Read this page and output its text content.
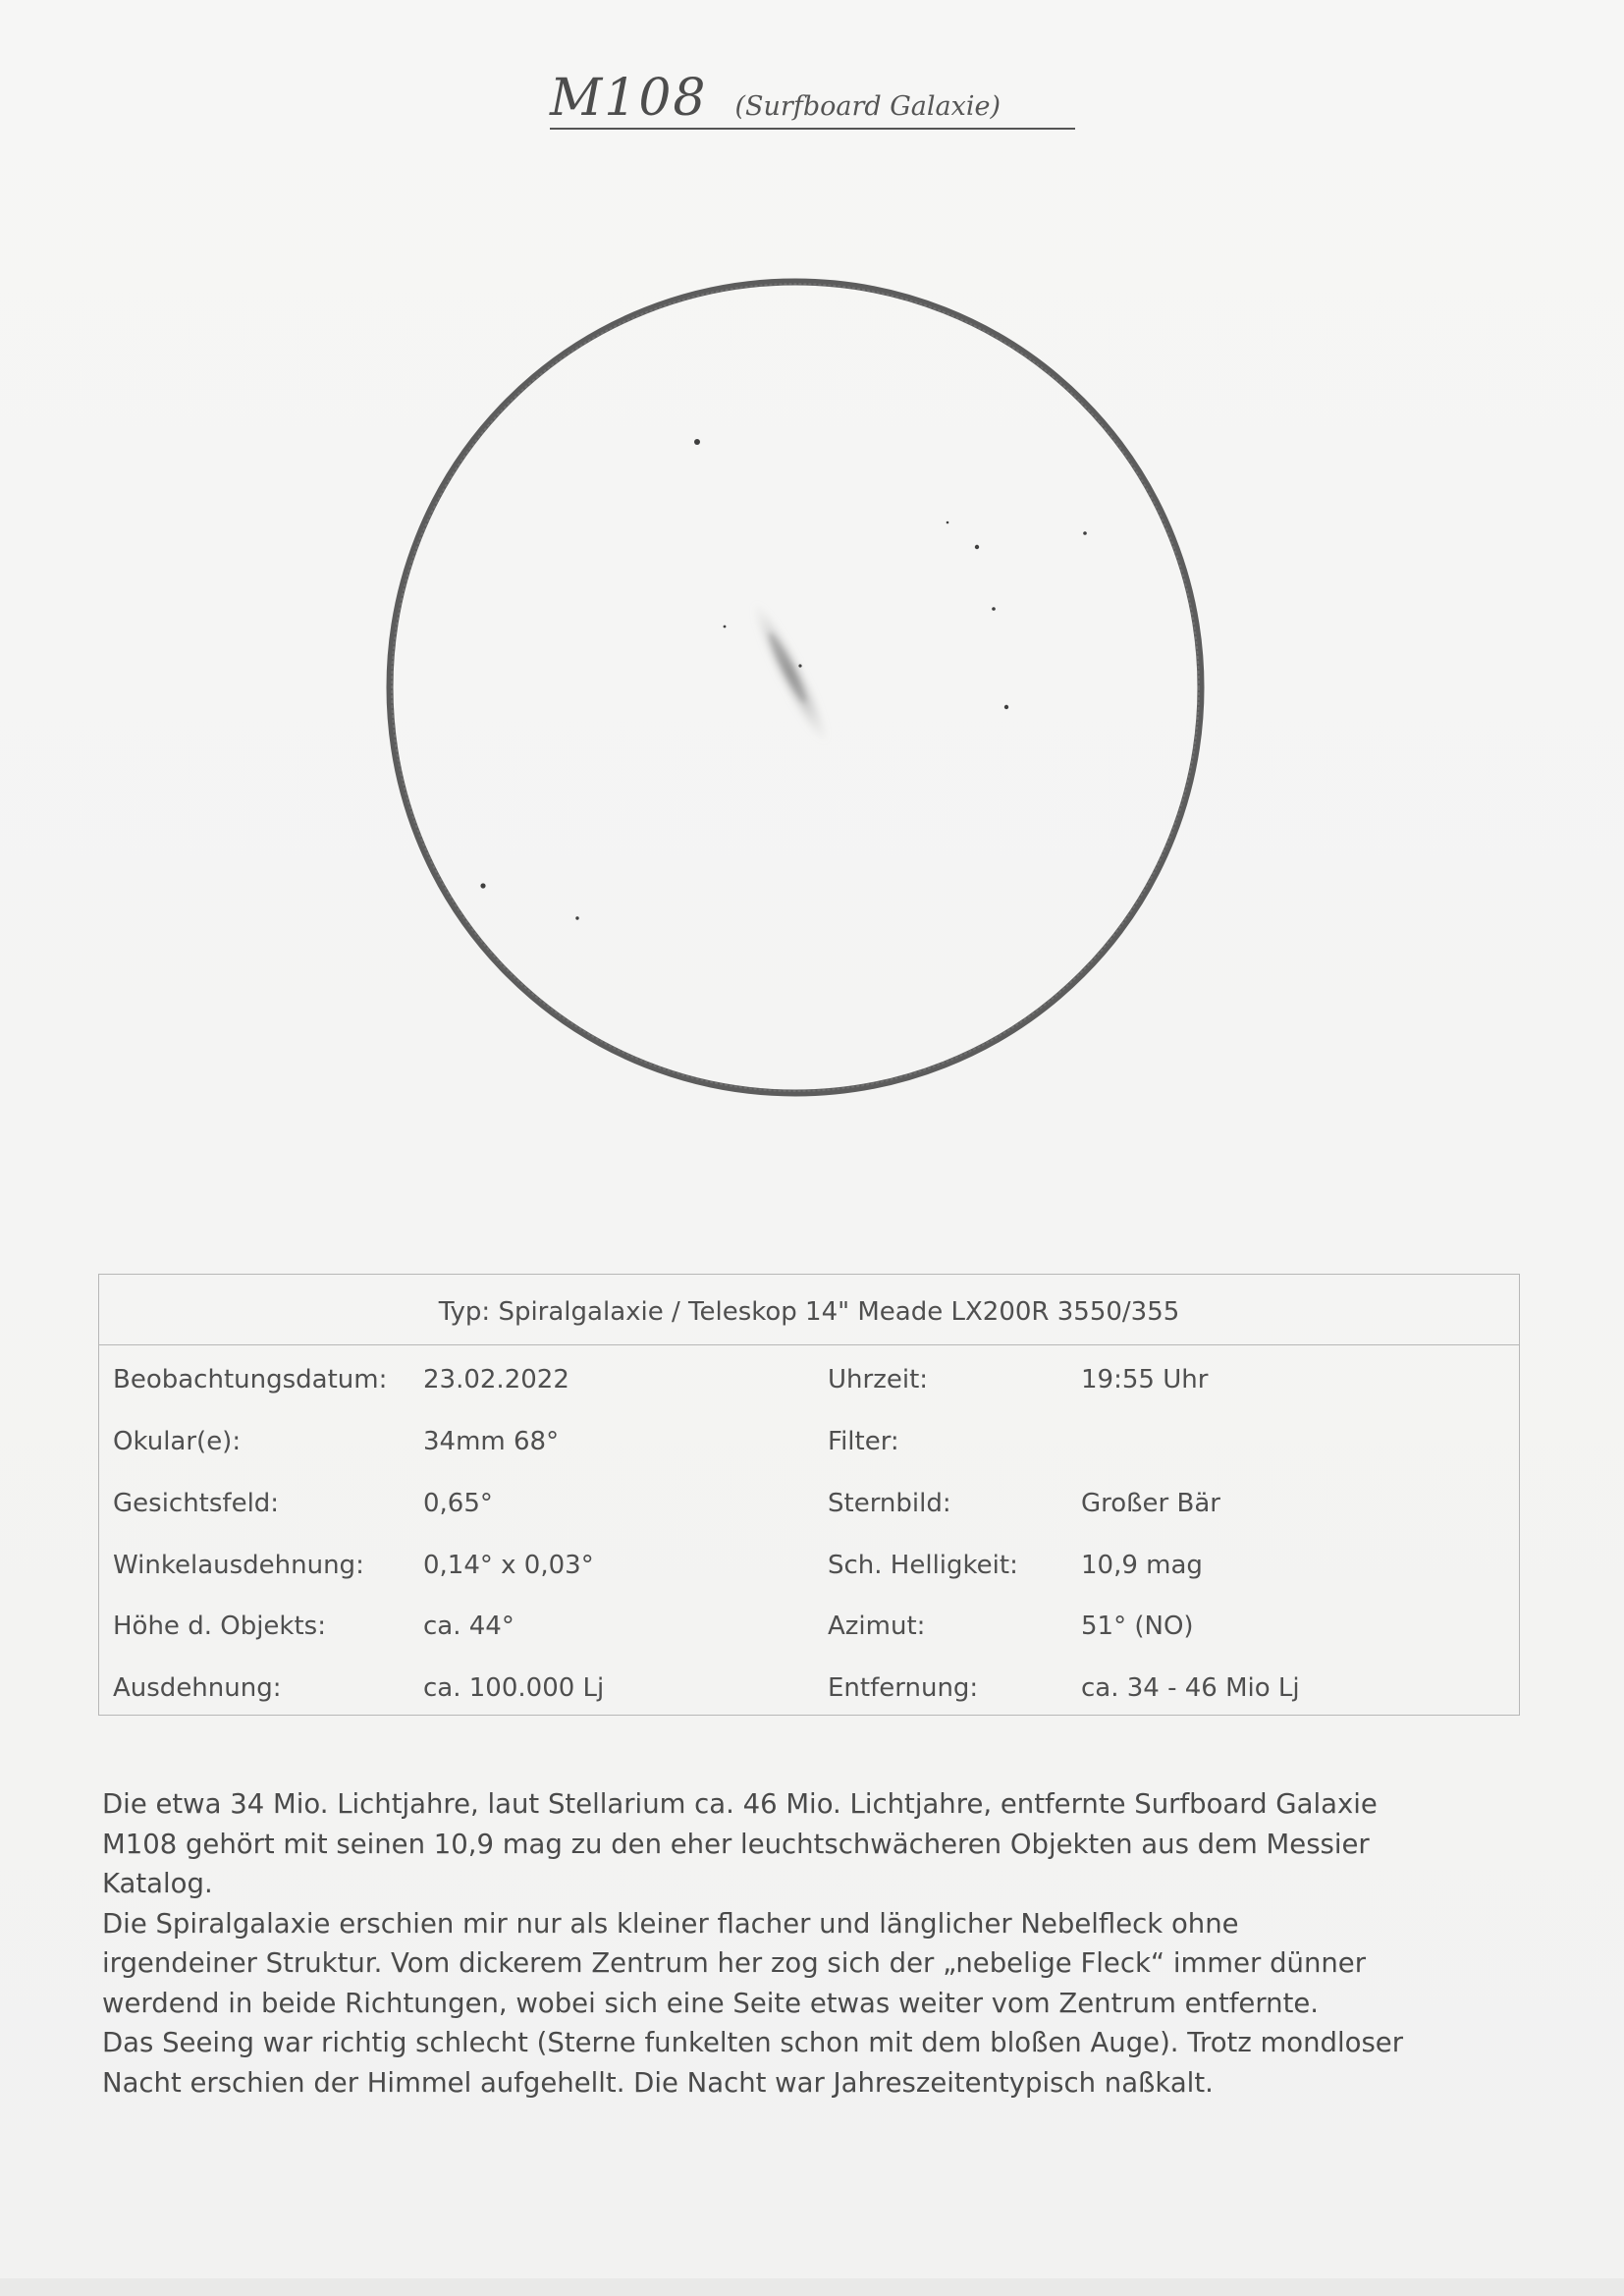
M108 (Surfboard Galaxie)
Typ: Spiralgalaxie / Teleskop 14" Meade LX200R 3550/355
Beobachtungsdatum: 23.02.2022	Uhrzeit:	19:55 Uhr
Okular(e):	34mm 68°	Filter:
Gesichtsfeld:	0,65°	Sternbild:	Großer Bär
Winkelausdehnung: 0,14° x 0,03°	Sch. Helligkeit: 10,9 mag
Höhe d. Objekts:	ca. 44°	Azimut:	51° (NO)
Ausdehnung:	ca. 100.000 Lj	Entfernung:	ca. 34 - 46 Mio Lj

Die etwa 34 Mio. Lichtjahre, laut Stellarium ca. 46 Mio. Lichtjahre, entfernte Surfboard Galaxie

M108 gehört mit seinen 10,9 mag zu den eher leuchtschwächeren Objekten aus dem Messier

Katalog.

Die Spiralgalaxie erschien mir nur als kleiner flacher und länglicher Nebelfleck ohne

irgendeiner Struktur. Vom dickerem Zentrum her zog sich der „nebelige Fleck“ immer dünner

werdend in beide Richtungen, wobei sich eine Seite etwas weiter vom Zentrum entfernte.

Das Seeing war richtig schlecht (Sterne funkelten schon mit dem bloßen Auge). Trotz mondloser

Nacht erschien der Himmel aufgehellt. Die Nacht war Jahreszeitentypisch naßkalt.
